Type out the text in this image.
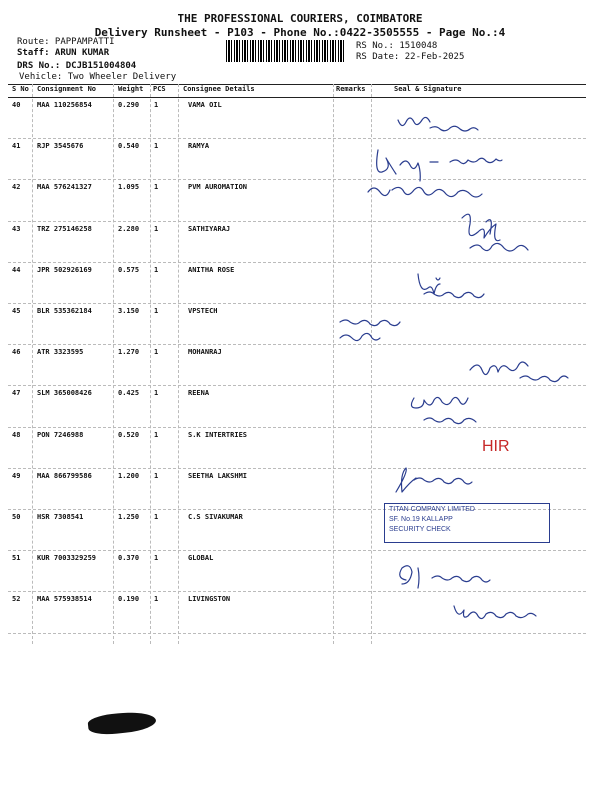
THE PROFESSIONAL COURIERS, COIMBATORE
Delivery Runsheet - P103 - Phone No.:0422-3505555 - Page No.:4
Route: PAPPAMPATTI
Staff: ARUN KUMAR
DRS No.: DCJB151004804
Vehicle: Two Wheeler Delivery
RS No.: 1510048
RS Date: 22-Feb-2025
S No Consignment No	Weight PCS Consignee Details	Remarks	Seal & Signature
40 MAA 110256854	0.290 1	VAMA OIL
41 RJP 3545676	0.540 1	RAMYA
42 MAA 576241327	1.095 1	PVM AUROMATION
43 TRZ 275146258	2.280 1	SATHIYARAJ
44 JPR 502926169	0.575 1	ANITHA ROSE
45 BLR 535362184	3.150 1	VPSTECH
46 ATR 3323595	1.270 1	MOHANRAJ
47 SLM 365008426	0.425 1	REENA
48 PON 7246988	0.520 1	S.K INTERTRIES
49 MAA 866799586	1.200 1	SEETHA LAKSHMI
50 HSR 7308541	1.250 1	C.S SIVAKUMAR
51 KUR 7003329259	0.370 1	GLOBAL
52 MAA 575938514	0.190 1	LIVINGSTON
HIR
TITAN COMPANY LIMITED
SF. No.19 KALLAPP
SECURITY CHECK
